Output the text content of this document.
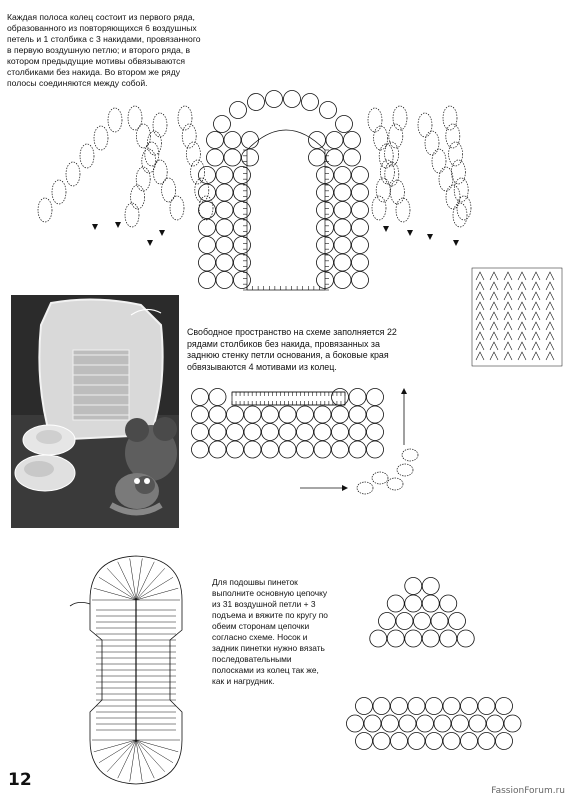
Каждая полоса колец состоит из первого ряда, образованного из повторяющихся 6 воздушных петель и 1 столбика с 3 накидами, провязанного в первую воздушную петлю; и второго ряда, в котором предыдущие мотивы обвязываются столбиками без накида. Во втором же ряду полосы соединяются между собой.
Свободное пространство на схеме заполняется 22 рядами столбиков без накида, провязанных за заднюю стенку петли основания, а боковые края обвязываются 4 мотивами из колец.
Для подошвы пинеток выполните основную цепочку из 31 воздушной петли + 3 подъема и вяжите по кругу по обеим сторонам цепочки согласно схеме. Носок и задник пинетки нужно вязать последовательными полосками из колец так же, как и нагрудник.
12
FassionForum.ru
